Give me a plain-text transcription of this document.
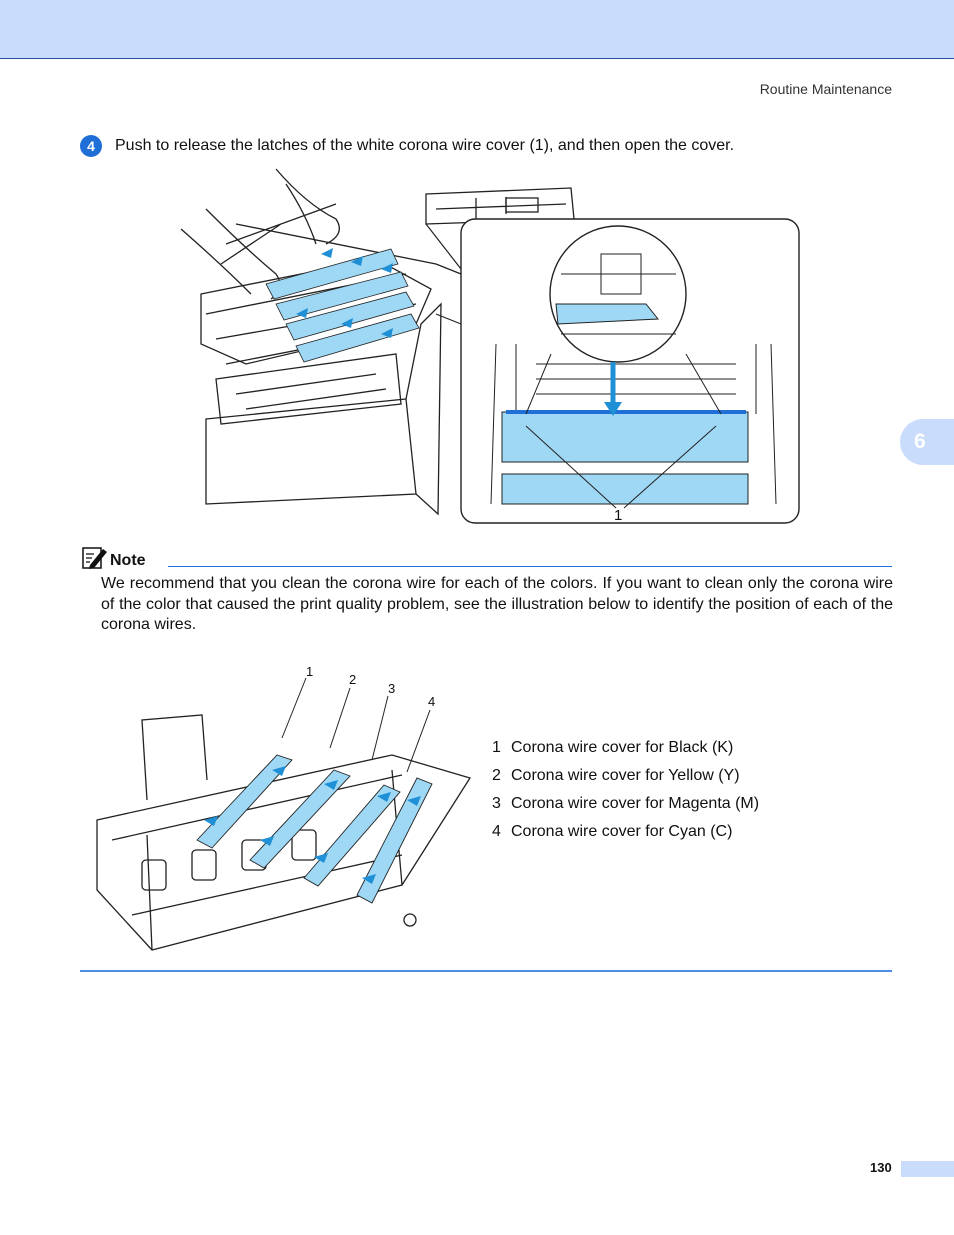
Routine Maintenance
6
4	Push to release the latches of the white corona wire cover (1), and then open the cover.
1
Note
We recommend that you clean the corona wire for each of the colors. If you want to clean only the corona wire of the color that caused the print quality problem, see the illustration below to identify the position of each of the corona wires.
1
2
3
4
1 Corona wire cover for Black (K)
2 Corona wire cover for Yellow (Y)
3 Corona wire cover for Magenta (M)
4 Corona wire cover for Cyan (C)
130
